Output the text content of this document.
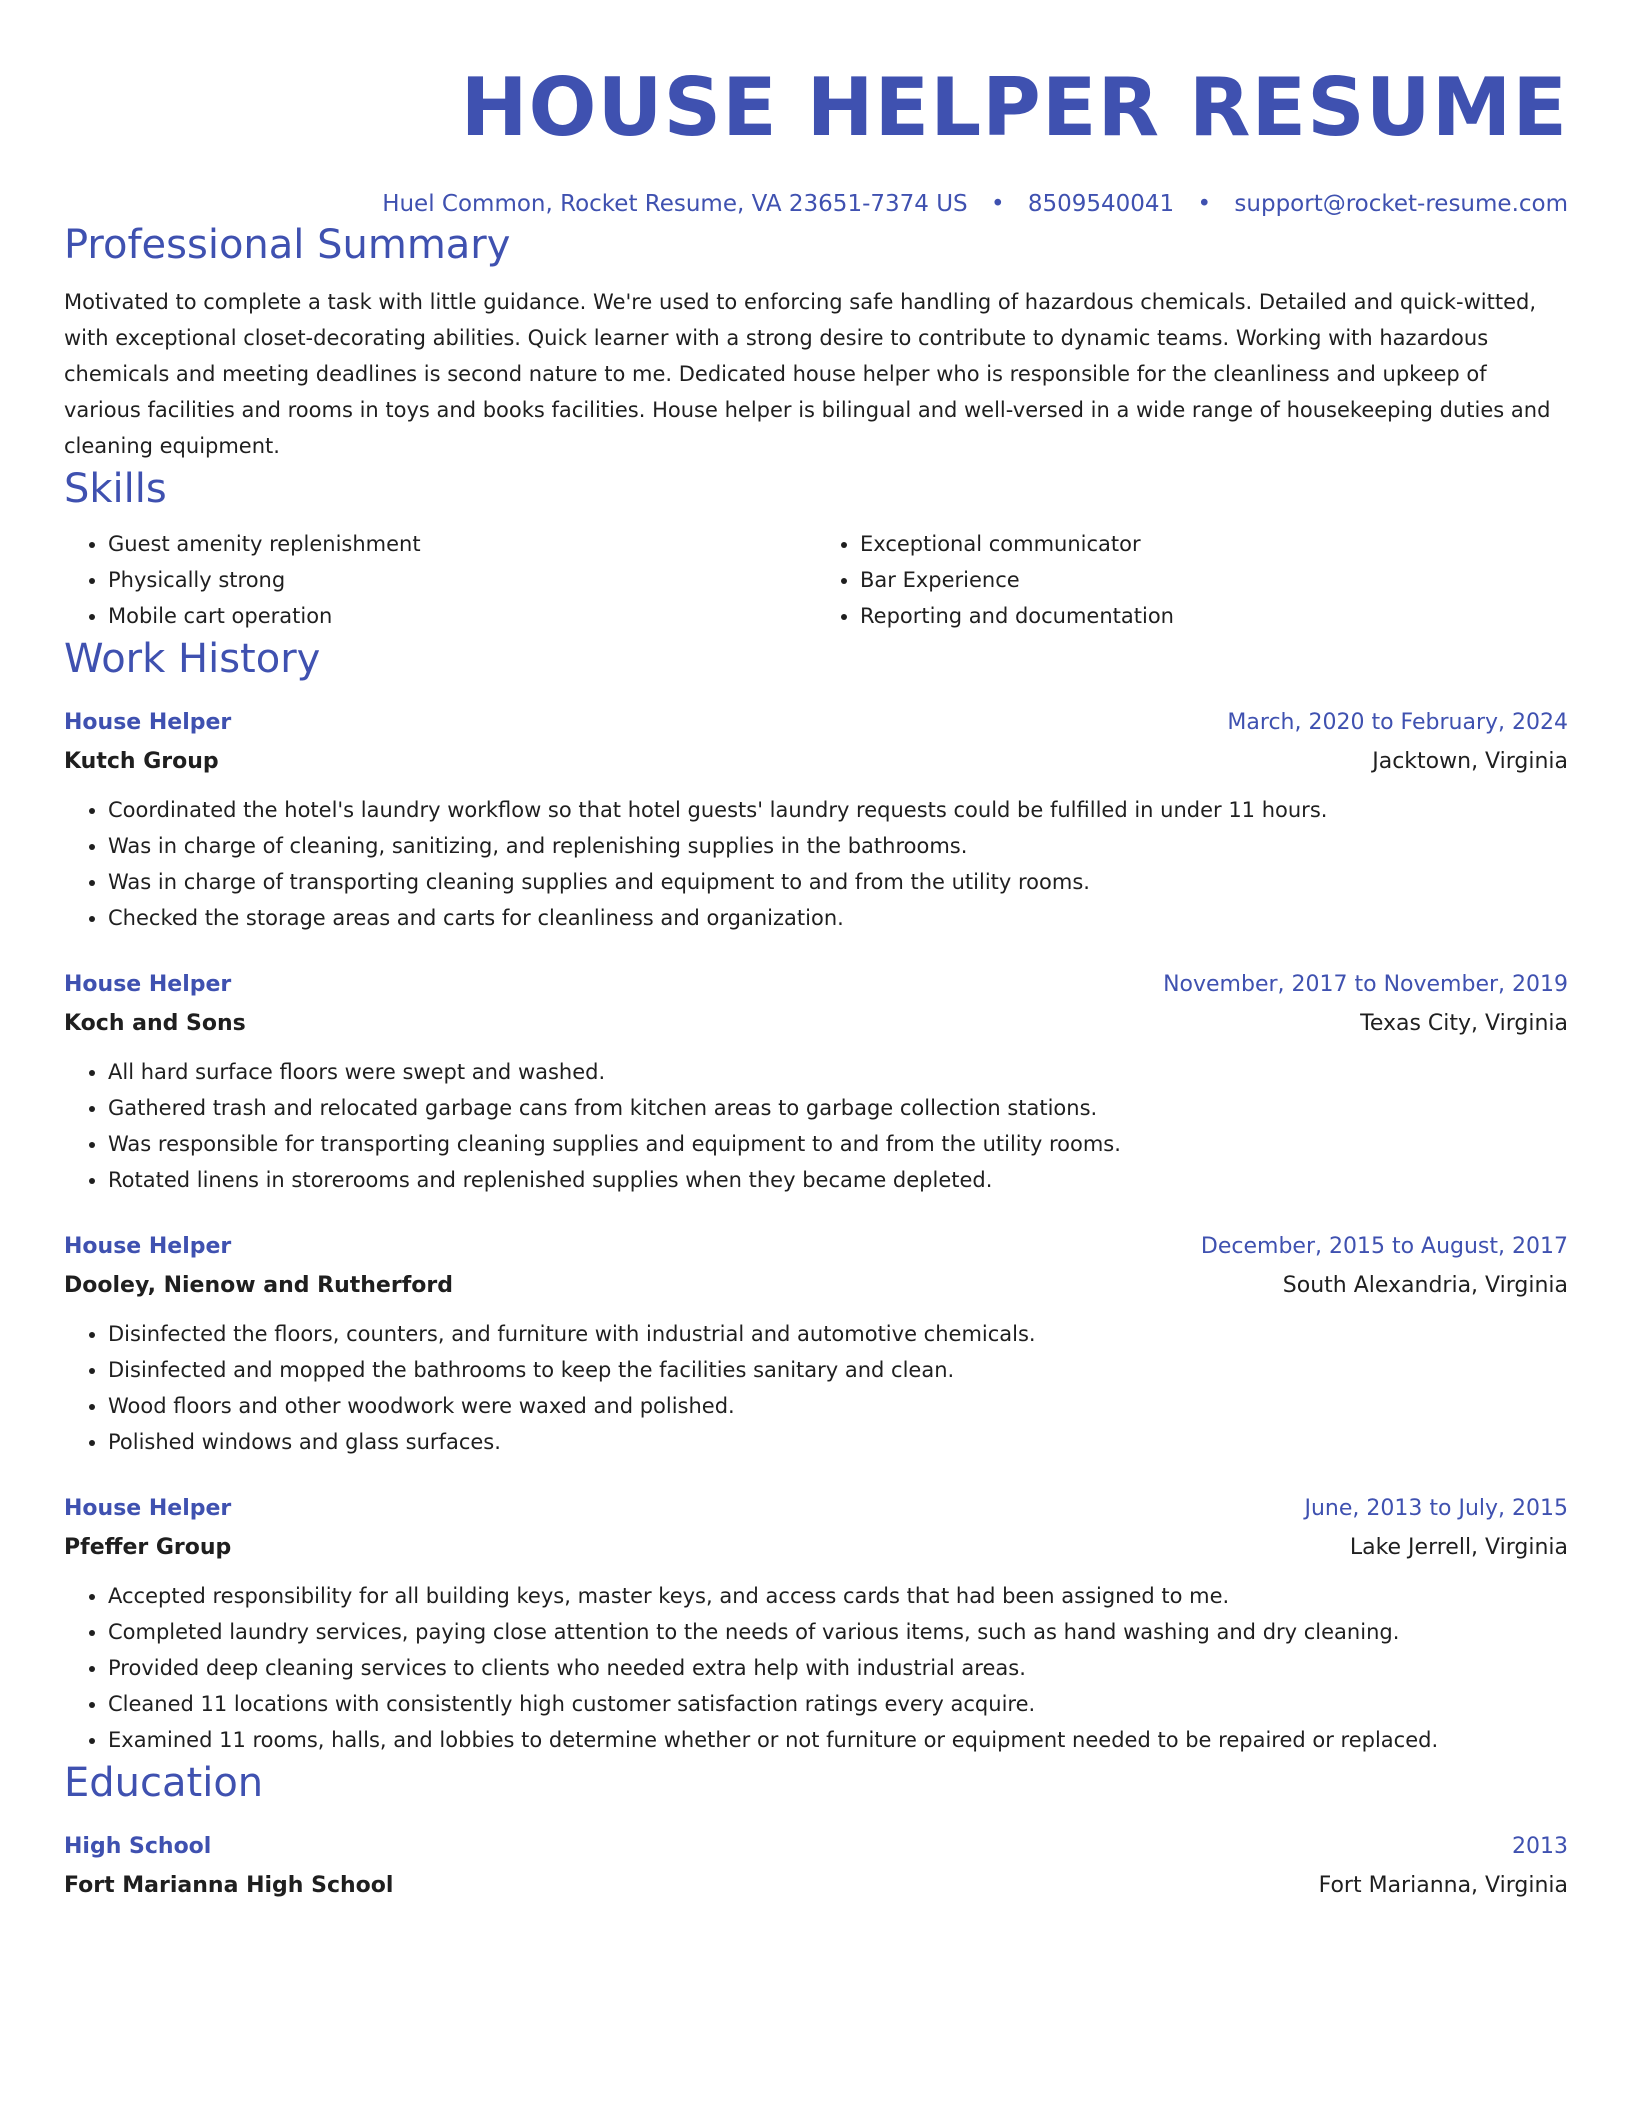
HOUSE HELPER RESUME
Huel Common, Rocket Resume, VA 23651-7374 US • 8509540041 • support@rocket-resume.com
Professional Summary
Motivated to complete a task with little guidance. We're used to enforcing safe handling of hazardous chemicals. Detailed and quick-witted, with exceptional closet-decorating abilities. Quick learner with a strong desire to contribute to dynamic teams. Working with hazardous chemicals and meeting deadlines is second nature to me. Dedicated house helper who is responsible for the cleanliness and upkeep of various facilities and rooms in toys and books facilities. House helper is bilingual and well-versed in a wide range of housekeeping duties and cleaning equipment.
Skills
• Guest amenity replenishment
• Physically strong
• Mobile cart operation
• Exceptional communicator
• Bar Experience
• Reporting and documentation
Work History
House Helper	March, 2020 to February, 2024
Kutch Group	Jacktown, Virginia
• Coordinated the hotel's laundry workflow so that hotel guests' laundry requests could be fulfilled in under 11 hours.
• Was in charge of cleaning, sanitizing, and replenishing supplies in the bathrooms.
• Was in charge of transporting cleaning supplies and equipment to and from the utility rooms.
• Checked the storage areas and carts for cleanliness and organization.
House Helper	November, 2017 to November, 2019
Koch and Sons	Texas City, Virginia
• All hard surface floors were swept and washed.
• Gathered trash and relocated garbage cans from kitchen areas to garbage collection stations.
• Was responsible for transporting cleaning supplies and equipment to and from the utility rooms.
• Rotated linens in storerooms and replenished supplies when they became depleted.
House Helper	December, 2015 to August, 2017
Dooley, Nienow and Rutherford	South Alexandria, Virginia
• Disinfected the floors, counters, and furniture with industrial and automotive chemicals.
• Disinfected and mopped the bathrooms to keep the facilities sanitary and clean.
• Wood floors and other woodwork were waxed and polished.
• Polished windows and glass surfaces.
House Helper	June, 2013 to July, 2015
Pfeffer Group	Lake Jerrell, Virginia
• Accepted responsibility for all building keys, master keys, and access cards that had been assigned to me.
• Completed laundry services, paying close attention to the needs of various items, such as hand washing and dry cleaning.
• Provided deep cleaning services to clients who needed extra help with industrial areas.
• Cleaned 11 locations with consistently high customer satisfaction ratings every acquire.
• Examined 11 rooms, halls, and lobbies to determine whether or not furniture or equipment needed to be repaired or replaced.
Education
High School	2013
Fort Marianna High School	Fort Marianna, Virginia
